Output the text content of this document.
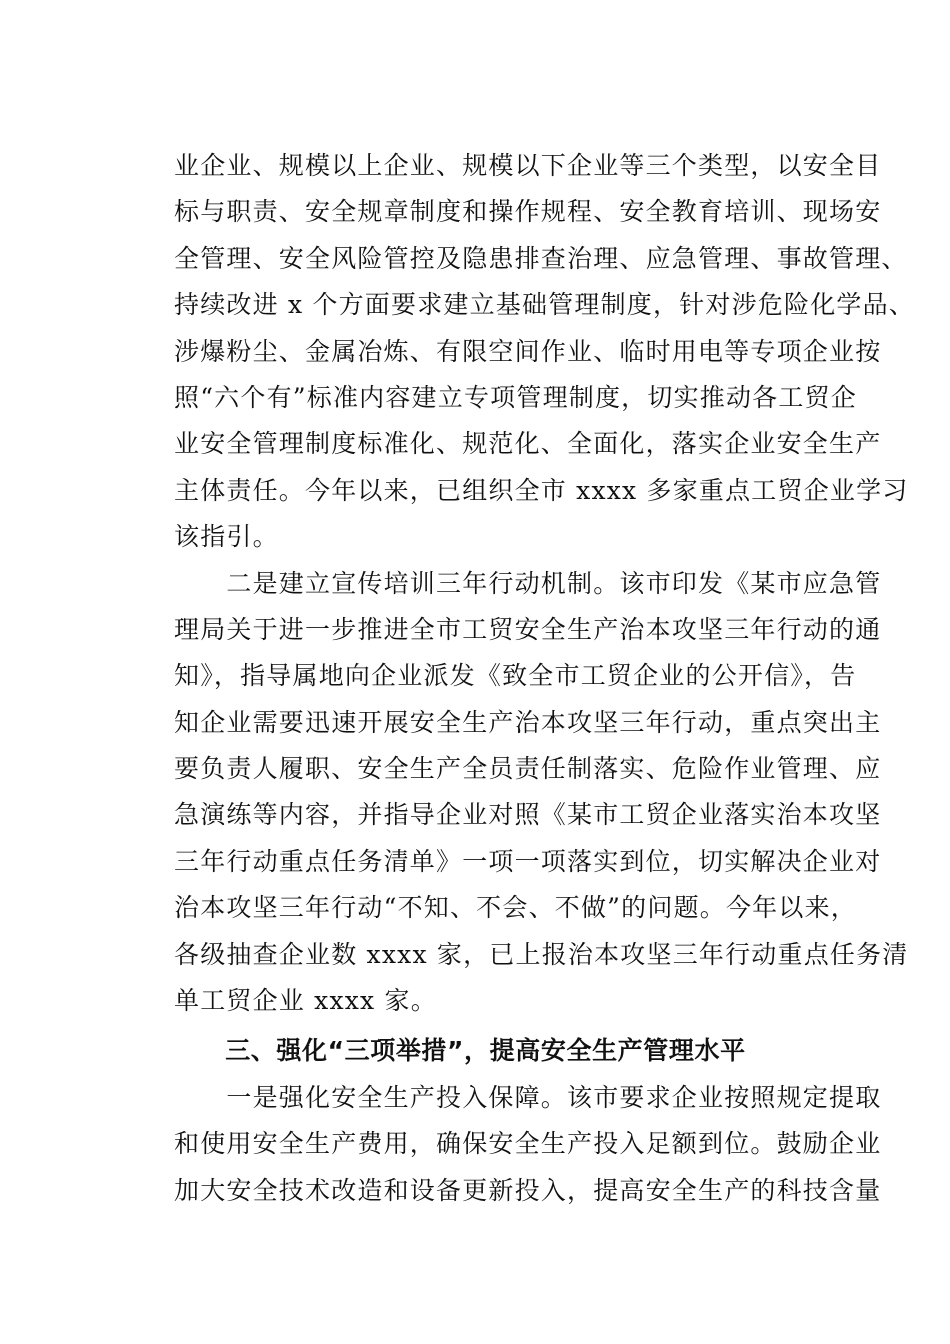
业企业、规模以上企业、规模以下企业等三个类型，以安全目
标与职责、安全规章制度和操作规程、安全教育培训、现场安
全管理、安全风险管控及隐患排查治理、应急管理、事故管理、
持续改进 x 个方面要求建立基础管理制度，针对涉危险化学品、
涉爆粉尘、金属冶炼、有限空间作业、临时用电等专项企业按
照“六个有”标准内容建立专项管理制度，切实推动各工贸企
业安全管理制度标准化、规范化、全面化，落实企业安全生产
主体责任。今年以来，已组织全市 xxxx 多家重点工贸企业学习
该指引。
　　二是建立宣传培训三年行动机制。该市印发《某市应急管
理局关于进一步推进全市工贸安全生产治本攻坚三年行动的通
知》，指导属地向企业派发《致全市工贸企业的公开信》，告
知企业需要迅速开展安全生产治本攻坚三年行动，重点突出主
要负责人履职、安全生产全员责任制落实、危险作业管理、应
急演练等内容，并指导企业对照《某市工贸企业落实治本攻坚
三年行动重点任务清单》一项一项落实到位，切实解决企业对
治本攻坚三年行动“不知、不会、不做”的问题。今年以来，
各级抽查企业数 xxxx 家，已上报治本攻坚三年行动重点任务清
单工贸企业 xxxx 家。
　　三、强化“三项举措”，提高安全生产管理水平
　　一是强化安全生产投入保障。该市要求企业按照规定提取
和使用安全生产费用，确保安全生产投入足额到位。鼓励企业
加大安全技术改造和设备更新投入，提高安全生产的科技含量
